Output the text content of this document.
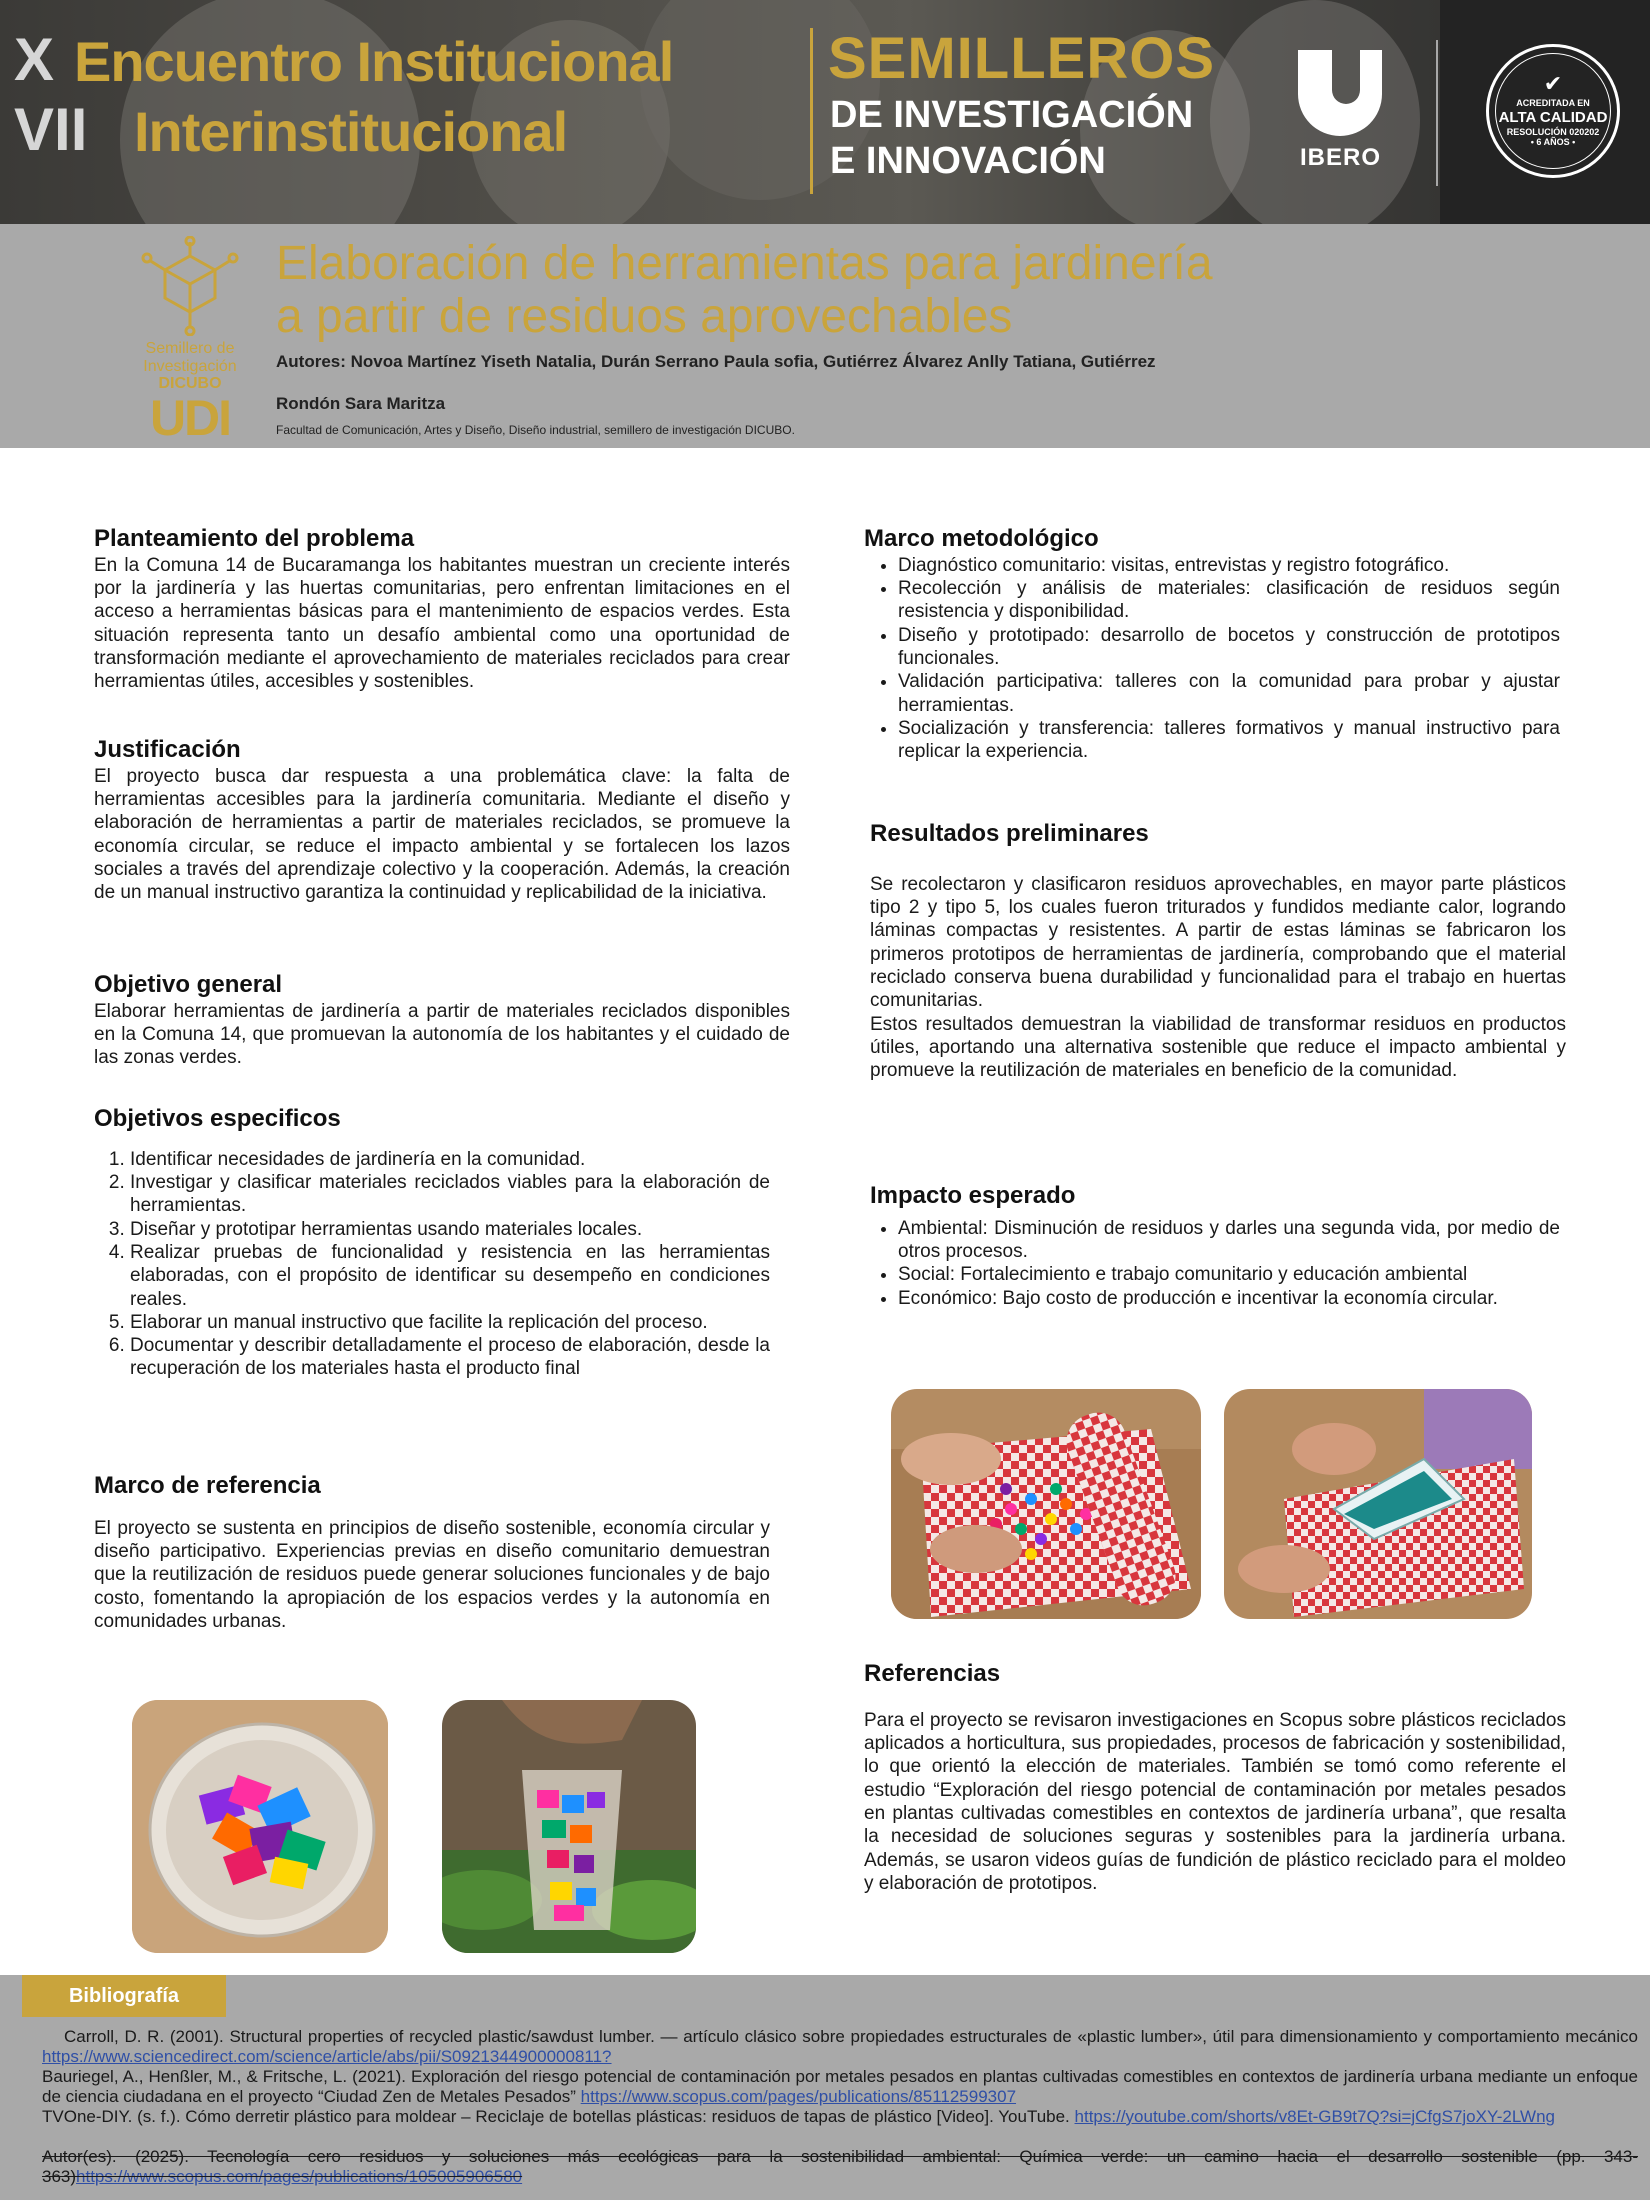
X
VII
Encuentro Institucional
Interinstitucional
SEMILLEROS
DE INVESTIGACIÓN
E INNOVACIÓN	IBERO
✔
ACREDITADA EN
ALTA CALIDAD
RESOLUCIÓN 020202
• 6 AÑOS •
Semillero de
Investigación
DICUBO
UDI
Elaboración de herramientas para jardinería
a partir de residuos aprovechables
Autores: Novoa Martínez Yiseth Natalia, Durán Serrano Paula sofia, Gutiérrez Álvarez Anlly Tatiana, Gutiérrez
Rondón Sara Maritza
Facultad de Comunicación, Artes y Diseño, Diseño industrial, semillero de investigación DICUBO.
Planteamiento del problema
En la Comuna 14 de Bucaramanga los habitantes muestran un creciente interés por la jardinería y las huertas comunitarias, pero enfrentan limitaciones en el acceso a herramientas básicas para el mantenimiento de espacios verdes. Esta situación representa tanto un desafío ambiental como una oportunidad de transformación mediante el aprovechamiento de materiales reciclados para crear herramientas útiles, accesibles y sostenibles.
Justificación
El proyecto busca dar respuesta a una problemática clave: la falta de herramientas accesibles para la jardinería comunitaria. Mediante el diseño y elaboración de herramientas a partir de materiales reciclados, se promueve la economía circular, se reduce el impacto ambiental y se fortalecen los lazos sociales a través del aprendizaje colectivo y la cooperación. Además, la creación de un manual instructivo garantiza la continuidad y replicabilidad de la iniciativa.
Objetivo general
Elaborar herramientas de jardinería a partir de materiales reciclados disponibles en la Comuna 14, que promuevan la autonomía de los habitantes y el cuidado de las zonas verdes.
Objetivos especificos
1. Identificar necesidades de jardinería en la comunidad.
2. Investigar y clasificar materiales reciclados viables para la elaboración de herramientas.
3. Diseñar y prototipar herramientas usando materiales locales.
4. Realizar pruebas de funcionalidad y resistencia en las herramientas elaboradas, con el propósito de identificar su desempeño en condiciones reales.
5. Elaborar un manual instructivo que facilite la replicación del proceso.
6. Documentar y describir detalladamente el proceso de elaboración, desde la recuperación de los materiales hasta el producto final
Marco de referencia
El proyecto se sustenta en principios de diseño sostenible, economía circular y diseño participativo. Experiencias previas en diseño comunitario demuestran que la reutilización de residuos puede generar soluciones funcionales y de bajo costo, fomentando la apropiación de los espacios verdes y la autonomía en comunidades urbanas.
Marco metodológico
• Diagnóstico comunitario: visitas, entrevistas y registro fotográfico.
• Recolección y análisis de materiales: clasificación de residuos según resistencia y disponibilidad.
• Diseño y prototipado: desarrollo de bocetos y construcción de prototipos funcionales.
• Validación participativa: talleres con la comunidad para probar y ajustar herramientas.
• Socialización y transferencia: talleres formativos y manual instructivo para replicar la experiencia.
Resultados preliminares
Se recolectaron y clasificaron residuos aprovechables, en mayor parte plásticos tipo 2 y tipo 5, los cuales fueron triturados y fundidos mediante calor, logrando láminas compactas y resistentes. A partir de estas láminas se fabricaron los primeros prototipos de herramientas de jardinería, comprobando que el material reciclado conserva buena durabilidad y funcionalidad para el trabajo en huertas comunitarias.
Estos resultados demuestran la viabilidad de transformar residuos en productos útiles, aportando una alternativa sostenible que reduce el impacto ambiental y promueve la reutilización de materiales en beneficio de la comunidad.
Impacto esperado
• Ambiental: Disminución de residuos y darles una segunda vida, por medio de otros procesos.
• Social: Fortalecimiento e trabajo comunitario y educación ambiental
• Económico: Bajo costo de producción e incentivar la economía circular.
Referencias
Para el proyecto se revisaron investigaciones en Scopus sobre plásticos reciclados aplicados a horticultura, sus propiedades, procesos de fabricación y sostenibilidad, lo que orientó la elección de materiales. También se tomó como referente el estudio “Exploración del riesgo potencial de contaminación por metales pesados en plantas cultivadas comestibles en contextos de jardinería urbana”, que resalta la necesidad de soluciones seguras y sostenibles para la jardinería urbana. Además, se usaron videos guías de fundición de plástico reciclado para el moldeo y elaboración de prototipos.
Bibliografía
Carroll, D. R. (2001). Structural properties of recycled plastic/sawdust lumber. — artículo clásico sobre propiedades estructurales de «plastic lumber», útil para dimensionamiento y comportamiento mecánico https://www.sciencedirect.com/science/article/abs/pii/S0921344900000811?
Bauriegel, A., Henßler, M., & Fritsche, L. (2021). Exploración del riesgo potencial de contaminación por metales pesados en plantas cultivadas comestibles en contextos de jardinería urbana mediante un enfoque de ciencia ciudadana en el proyecto “Ciudad Zen de Metales Pesados” https://www.scopus.com/pages/publications/85112599307
TVOne-DIY. (s. f.). Cómo derretir plástico para moldear – Reciclaje de botellas plásticas: residuos de tapas de plástico [Video]. YouTube. https://youtube.com/shorts/v8Et-GB9t7Q?si=jCfgS7joXY-2LWng
Autor(es). (2025). Tecnología cero residuos y soluciones más ecológicas para la sostenibilidad ambiental: Química verde: un camino hacia el desarrollo sostenible (pp. 343-363)https://www.scopus.com/pages/publications/105005906580
